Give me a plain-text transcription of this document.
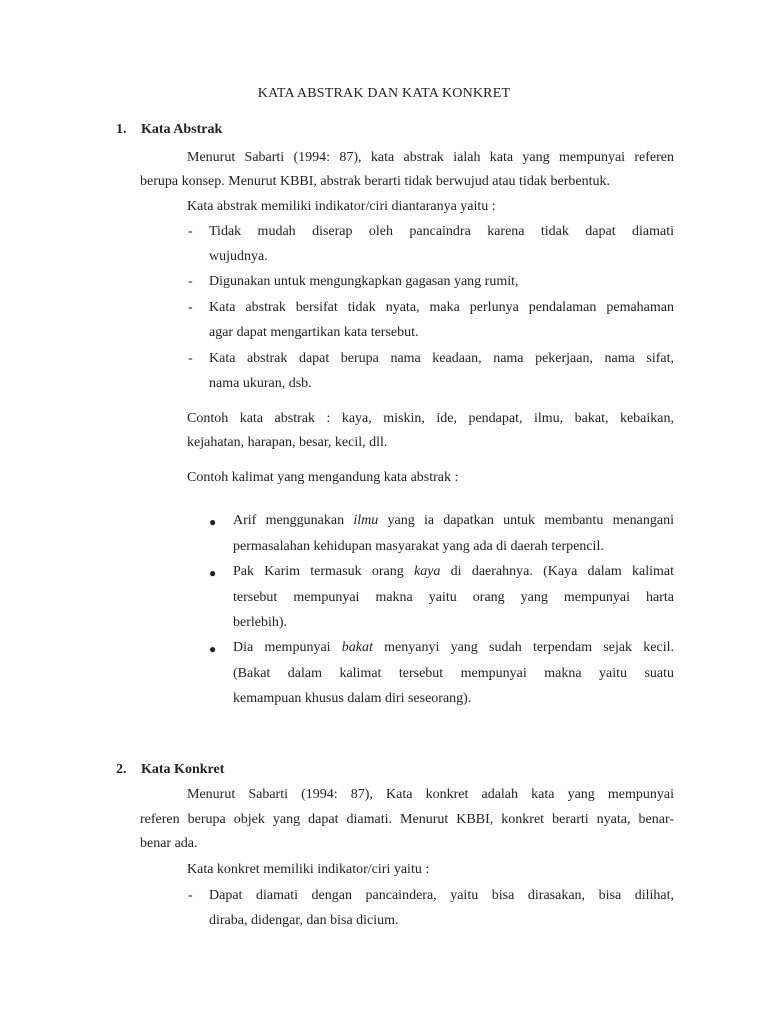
KATA ABSTRAK DAN KATA KONKRET
1. Kata Abstrak
Menurut Sabarti (1994: 87), kata abstrak ialah kata yang mempunyai referen
berupa konsep. Menurut KBBI, abstrak berarti tidak berwujud atau tidak berbentuk.
Kata abstrak memiliki indikator/ciri diantaranya yaitu :
- Tidak mudah diserap oleh pancaindra karena tidak dapat diamati
wujudnya.
- Digunakan untuk mengungkapkan gagasan yang rumit,
- Kata abstrak bersifat tidak nyata, maka perlunya pendalaman pemahaman
agar dapat mengartikan kata tersebut.
- Kata abstrak dapat berupa nama keadaan, nama pekerjaan, nama sifat,
nama ukuran, dsb.
Contoh kata abstrak : kaya, miskin, ide, pendapat, ilmu, bakat, kebaikan,
kejahatan, harapan, besar, kecil, dll.
Contoh kalimat yang mengandung kata abstrak :
● Arif menggunakan ilmu yang ia dapatkan untuk membantu menangani
permasalahan kehidupan masyarakat yang ada di daerah terpencil.
● Pak Karim termasuk orang kaya di daerahnya. (Kaya dalam kalimat
tersebut mempunyai makna yaitu orang yang mempunyai harta
berlebih).
● Dia mempunyai bakat menyanyi yang sudah terpendam sejak kecil.
(Bakat dalam kalimat tersebut mempunyai makna yaitu suatu
kemampuan khusus dalam diri seseorang).
2. Kata Konkret
Menurut Sabarti (1994: 87), Kata konkret adalah kata yang mempunyai
referen berupa objek yang dapat diamati. Menurut KBBI, konkret berarti nyata, benar-
benar ada.
Kata konkret memiliki indikator/ciri yaitu :
- Dapat diamati dengan pancaindera, yaitu bisa dirasakan, bisa dilihat,
diraba, didengar, dan bisa dicium.
